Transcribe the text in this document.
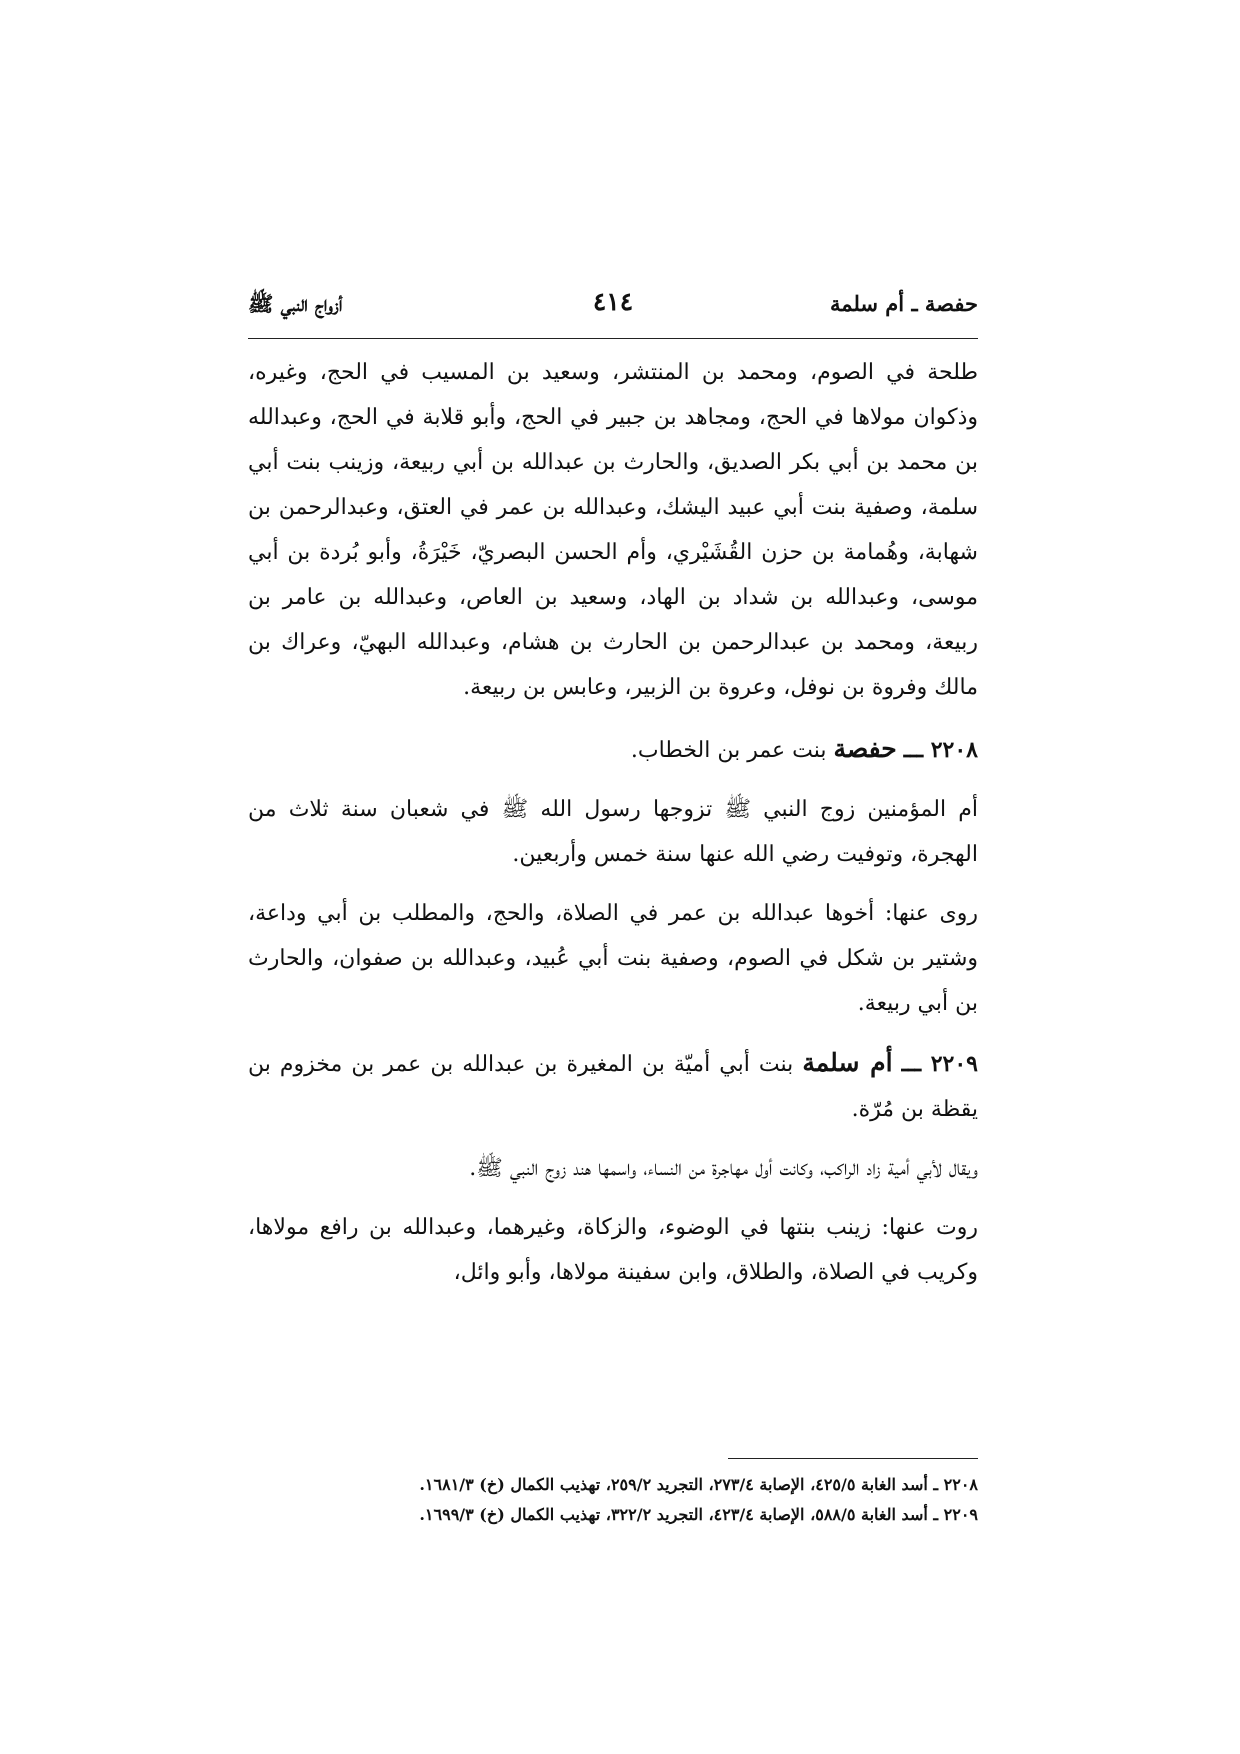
حفصة ـ أم سلمة
٤١٤
أزواج النبي ﷺ

طلحة في الصوم، ومحمد بن المنتشر، وسعيد بن المسيب في الحج، وغيره، وذكوان مولاها في الحج، ومجاهد بن جبير في الحج، وأبو قلابة في الحج، وعبدالله بن محمد بن أبي بكر الصديق، والحارث بن عبدالله بن أبي ربيعة، وزينب بنت أبي سلمة، وصفية بنت أبي عبيد اليشك، وعبدالله بن عمر في العتق، وعبدالرحمن بن شهابة، وهُمامة بن حزن القُشَيْري، وأم الحسن البصريّ، خَيْرَةُ، وأبو بُردة بن أبي موسى، وعبدالله بن شداد بن الهاد، وسعيد بن العاص، وعبدالله بن عامر بن ربيعة، ومحمد بن عبدالرحمن بن الحارث بن هشام، وعبدالله البهيّ، وعراك بن مالك وفروة بن نوفل، وعروة بن الزبير، وعابس بن ربيعة.

٢٢٠٨ ـــ حفصة بنت عمر بن الخطاب.

أم المؤمنين زوج النبي ﷺ تزوجها رسول الله ﷺ في شعبان سنة ثلاث من الهجرة، وتوفيت رضي الله عنها سنة خمس وأربعين.

روى عنها: أخوها عبدالله بن عمر في الصلاة، والحج، والمطلب بن أبي وداعة، وشتير بن شكل في الصوم، وصفية بنت أبي عُبيد، وعبدالله بن صفوان، والحارث بن أبي ربيعة.

٢٢٠٩ ـــ أم سلمة بنت أبي أميّة بن المغيرة بن عبدالله بن عمر بن مخزوم بن يقظة بن مُرّة.

ويقال لأبي أمية زاد الراكب، وكانت أول مهاجرة من النساء، واسمها هند زوج النبي ﷺ.

روت عنها: زينب بنتها في الوضوء، والزكاة، وغيرهما، وعبدالله بن رافع مولاها، وكريب في الصلاة، والطلاق، وابن سفينة مولاها، وأبو وائل،

٢٢٠٨ ـ أسد الغابة ٤٢٥/٥، الإصابة ٢٧٣/٤، التجريد ٢٥٩/٢، تهذيب الكمال (خ) ١٦٨١/٣.

٢٢٠٩ ـ أسد الغابة ٥٨٨/٥، الإصابة ٤٢٣/٤، التجريد ٣٢٢/٢، تهذيب الكمال (خ) ١٦٩٩/٣.
